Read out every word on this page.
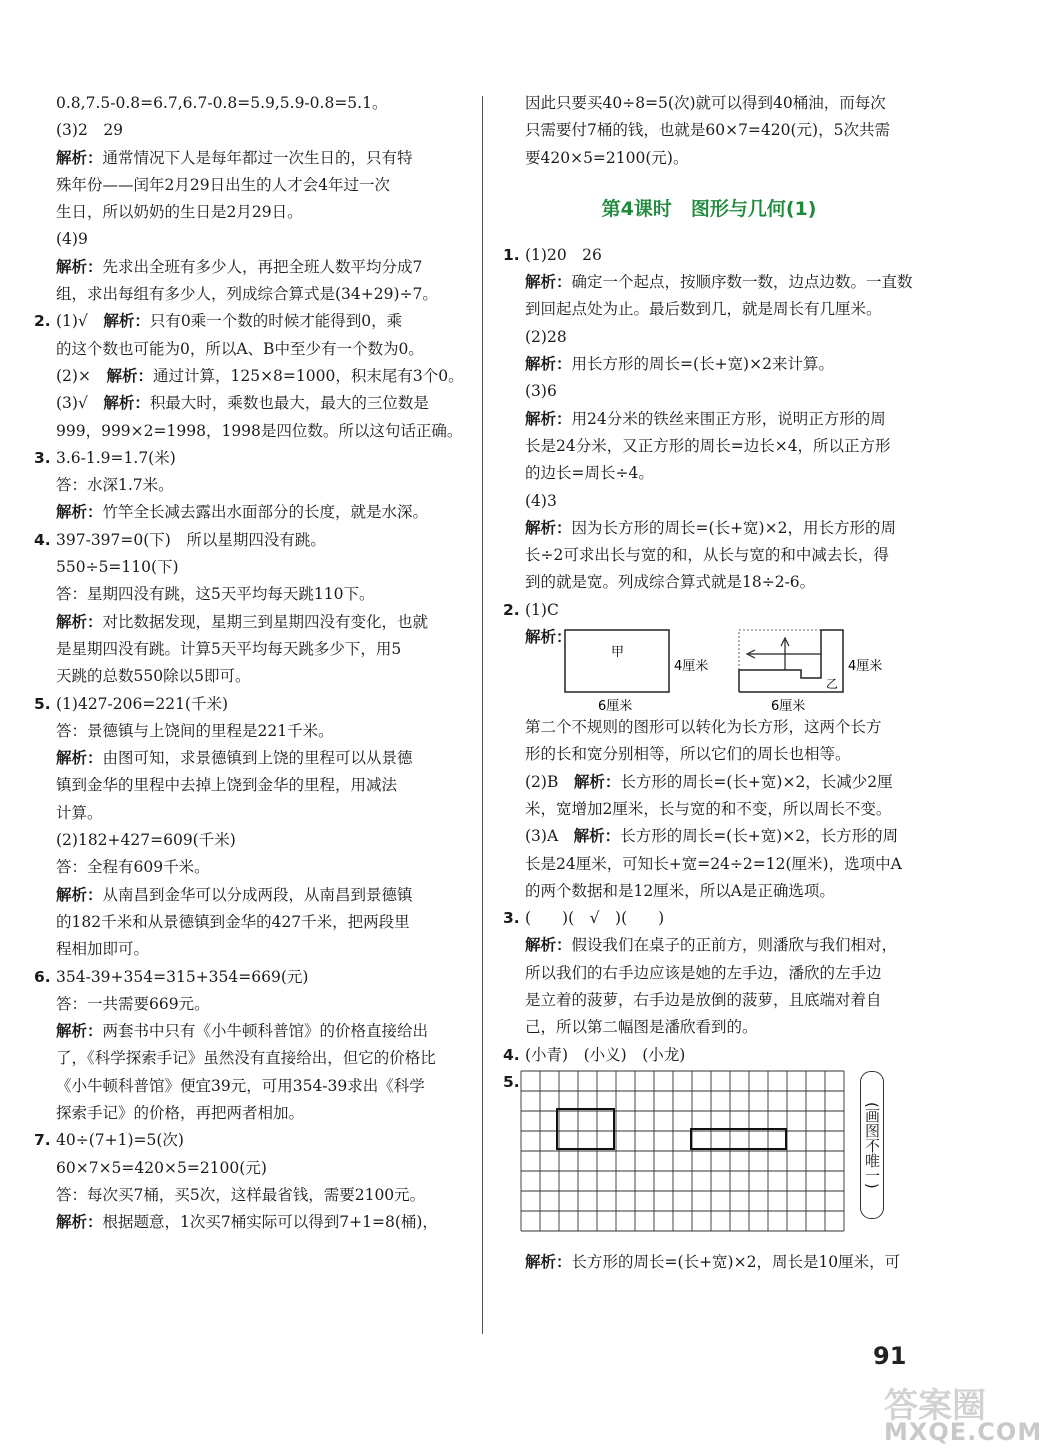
0.8,7.5-0.8=6.7,6.7-0.8=5.9,5.9-0.8=5.1。
(3)2　29
解析：通常情况下人是每年都过一次生日的，只有特
殊年份——闰年2月29日出生的人才会4年过一次
生日，所以奶奶的生日是2月29日。
(4)9
解析：先求出全班有多少人，再把全班人数平均分成7
组，求出每组有多少人，列成综合算式是(34+29)÷7。
2. (1)√　解析：只有0乘一个数的时候才能得到0，乘
的这个数也可能为0，所以A、B中至少有一个数为0。
(2)×　解析：通过计算，125×8=1000，积末尾有3个0。
(3)√　解析：积最大时，乘数也最大，最大的三位数是
999，999×2=1998，1998是四位数。所以这句话正确。
3. 3.6-1.9=1.7(米)
答：水深1.7米。
解析：竹竿全长减去露出水面部分的长度，就是水深。
4. 397-397=0(下)　所以星期四没有跳。
550÷5=110(下)
答：星期四没有跳，这5天平均每天跳110下。
解析：对比数据发现，星期三到星期四没有变化，也就
是星期四没有跳。计算5天平均每天跳多少下，用5
天跳的总数550除以5即可。
5. (1)427-206=221(千米)
答：景德镇与上饶间的里程是221千米。
解析：由图可知，求景德镇到上饶的里程可以从景德
镇到金华的里程中去掉上饶到金华的里程，用减法
计算。
(2)182+427=609(千米)
答：全程有609千米。
解析：从南昌到金华可以分成两段，从南昌到景德镇
的182千米和从景德镇到金华的427千米，把两段里
程相加即可。
6. 354-39+354=315+354=669(元)
答：一共需要669元。
解析：两套书中只有《小牛顿科普馆》的价格直接给出
了，《科学探索手记》虽然没有直接给出，但它的价格比
《小牛顿科普馆》便宜39元，可用354-39求出《科学
探索手记》的价格，再把两者相加。
7. 40÷(7+1)=5(次)
60×7×5=420×5=2100(元)
答：每次买7桶，买5次，这样最省钱，需要2100元。
解析：根据题意，1次买7桶实际可以得到7+1=8(桶)，
因此只要买40÷8=5(次)就可以得到40桶油，而每次
只需要付7桶的钱，也就是60×7=420(元)，5次共需
要420×5=2100(元)。
第4课时　图形与几何(1)
1. (1)20　26
解析：确定一个起点，按顺序数一数，边点边数。一直数
到回起点处为止。最后数到几，就是周长有几厘米。
(2)28
解析：用长方形的周长=(长+宽)×2来计算。
(3)6
解析：用24分米的铁丝来围正方形，说明正方形的周
长是24分米，又正方形的周长=边长×4，所以正方形
的边长=周长÷4。
(4)3
解析：因为长方形的周长=(长+宽)×2，用长方形的周
长÷2可求出长与宽的和，从长与宽的和中减去长，得
到的就是宽。列成综合算式就是18÷2-6。
2. (1)C
解析：
甲
4厘米
6厘米
乙
4厘米
6厘米
第二个不规则的图形可以转化为长方形，这两个长方
形的长和宽分别相等，所以它们的周长也相等。
(2)B　解析：长方形的周长=(长+宽)×2，长减少2厘
米，宽增加2厘米，长与宽的和不变，所以周长不变。
(3)A　解析：长方形的周长=(长+宽)×2，长方形的周
长是24厘米，可知长+宽=24÷2=12(厘米)，选项中A
的两个数据和是12厘米，所以A是正确选项。
3. (　　)(　√　)(　　)
解析：假设我们在桌子的正前方，则潘欣与我们相对，
所以我们的右手边应该是她的左手边，潘欣的左手边
是立着的菠萝，右手边是放倒的菠萝，且底端对着自
己，所以第二幅图是潘欣看到的。
4. (小青)　(小义)　(小龙)
5.
(画图不唯一)
解析：长方形的周长=(长+宽)×2，周长是10厘米，可
91
答案圈
MXQE.COM
